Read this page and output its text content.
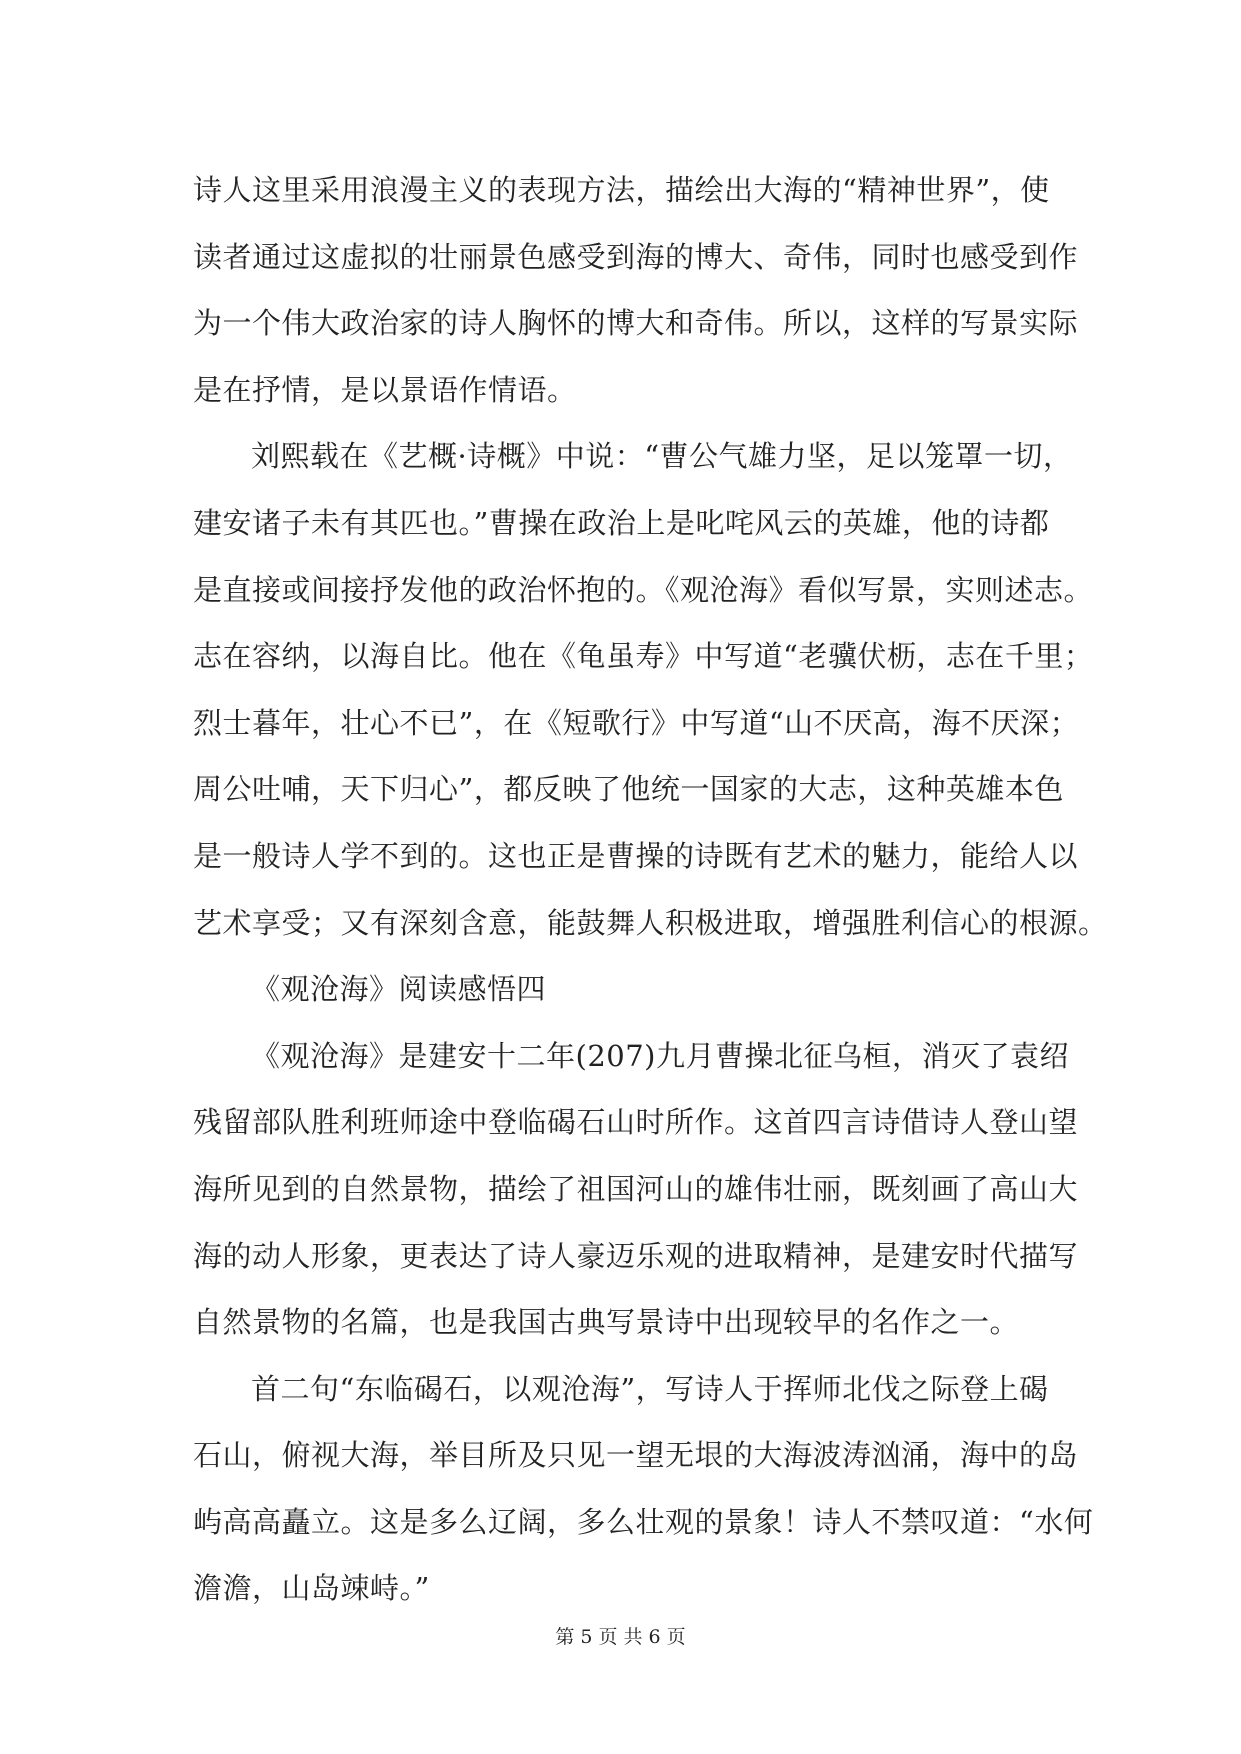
诗人这里采用浪漫主义的表现方法，描绘出大海的“精神世界”，使
读者通过这虚拟的壮丽景色感受到海的博大、奇伟，同时也感受到作
为一个伟大政治家的诗人胸怀的博大和奇伟。所以，这样的写景实际
是在抒情，是以景语作情语。
刘熙载在《艺概·诗概》中说：“曹公气雄力坚，足以笼罩一切，
建安诸子未有其匹也。”曹操在政治上是叱咤风云的英雄，他的诗都
是直接或间接抒发他的政治怀抱的。《观沧海》看似写景，实则述志。
志在容纳，以海自比。他在《龟虽寿》中写道“老骥伏枥，志在千里；
烈士暮年，壮心不已”，在《短歌行》中写道“山不厌高，海不厌深；
周公吐哺，天下归心”，都反映了他统一国家的大志，这种英雄本色
是一般诗人学不到的。这也正是曹操的诗既有艺术的魅力，能给人以
艺术享受；又有深刻含意，能鼓舞人积极进取，增强胜利信心的根源。
《观沧海》阅读感悟四
《观沧海》是建安十二年(207)九月曹操北征乌桓，消灭了袁绍
残留部队胜利班师途中登临碣石山时所作。这首四言诗借诗人登山望
海所见到的自然景物，描绘了祖国河山的雄伟壮丽，既刻画了高山大
海的动人形象，更表达了诗人豪迈乐观的进取精神，是建安时代描写
自然景物的名篇，也是我国古典写景诗中出现较早的名作之一。
首二句“东临碣石，以观沧海”，写诗人于挥师北伐之际登上碣
石山，俯视大海，举目所及只见一望无垠的大海波涛汹涌，海中的岛
屿高高矗立。这是多么辽阔，多么壮观的景象！诗人不禁叹道：“水何
澹澹，山岛竦峙。”
第 5 页 共 6 页
